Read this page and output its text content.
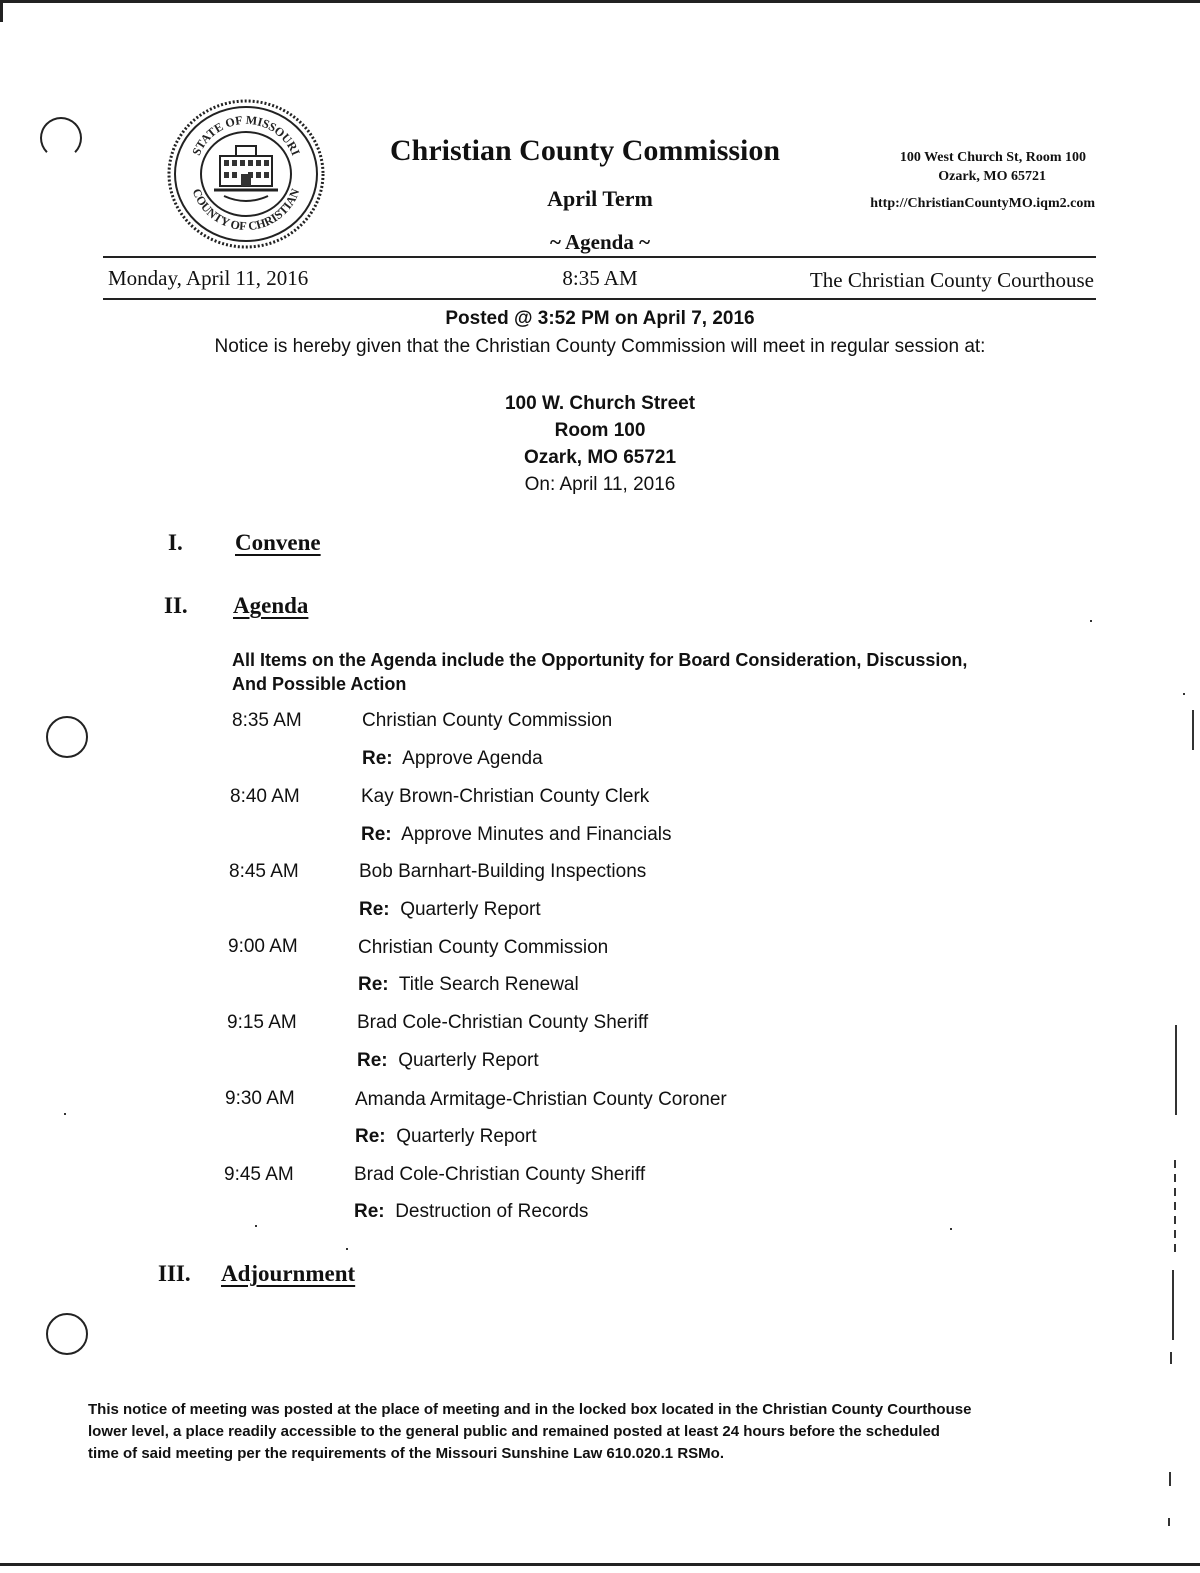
STATE OF MISSOURI
COUNTY OF CHRISTIAN
Christian County Commission
April Term
~ Agenda ~
100 West Church St, Room 100
Ozark, MO 65721
http://ChristianCountyMO.iqm2.com
Monday, April 11, 2016	8:35 AM	The Christian County Courthouse
Posted @ 3:52 PM on April 7, 2016
Notice is hereby given that the Christian County Commission will meet in regular session at:
100 W. Church Street
Room 100
Ozark, MO 65721
On: April 11, 2016
I. Convene
II. Agenda
All Items on the Agenda include the Opportunity for Board Consideration, Discussion,
And Possible Action
8:35 AM	Christian County Commission
Re: Approve Agenda
8:40 AM	Kay Brown-Christian County Clerk
Re: Approve Minutes and Financials
8:45 AM	Bob Barnhart-Building Inspections
Re: Quarterly Report
9:00 AM	Christian County Commission
Re: Title Search Renewal
9:15 AM	Brad Cole-Christian County Sheriff
Re: Quarterly Report
9:30 AM	Amanda Armitage-Christian County Coroner
Re: Quarterly Report
9:45 AM	Brad Cole-Christian County Sheriff
Re: Destruction of Records
III. Adjournment
This notice of meeting was posted at the place of meeting and in the locked box located in the Christian County Courthouse
lower level, a place readily accessible to the general public and remained posted at least 24 hours before the scheduled
time of said meeting per the requirements of the Missouri Sunshine Law 610.020.1 RSMo.
